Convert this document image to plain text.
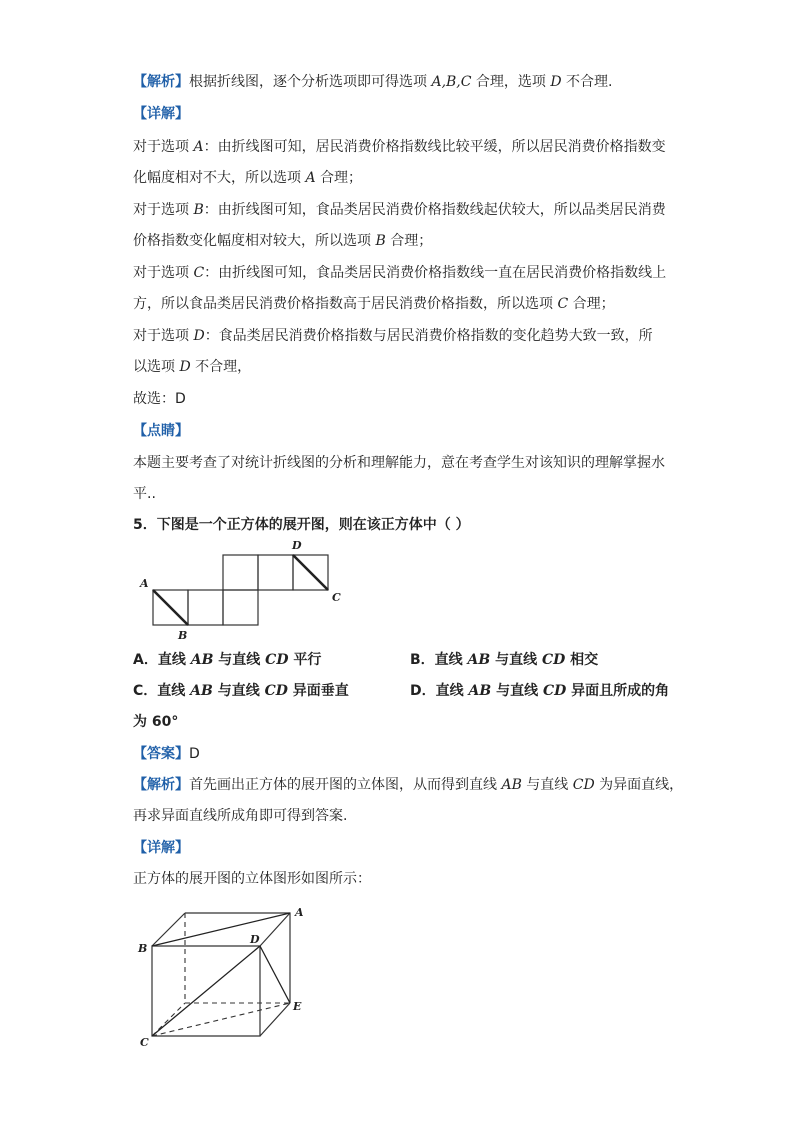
【解析】根据折线图，逐个分析选项即可得选项 A,B,C 合理，选项 D 不合理.
【详解】
对于选项 A：由折线图可知，居民消费价格指数线比较平缓，所以居民消费价格指数变
化幅度相对不大，所以选项 A 合理；
对于选项 B：由折线图可知，食品类居民消费价格指数线起伏较大，所以品类居民消费
价格指数变化幅度相对较大，所以选项 B 合理；
对于选项 C：由折线图可知，食品类居民消费价格指数线一直在居民消费价格指数线上
方，所以食品类居民消费价格指数高于居民消费价格指数，所以选项 C 合理；
对于选项 D：食品类居民消费价格指数与居民消费价格指数的变化趋势大致一致，所
以选项 D 不合理，
故选：D
【点睛】
本题主要考查了对统计折线图的分析和理解能力，意在考查学生对该知识的理解掌握水
平..
5．下图是一个正方体的展开图，则在该正方体中（ ）
A
B
C
D
A．直线 AB 与直线 CD 平行	B．直线 AB 与直线 CD 相交
C．直线 AB 与直线 CD 异面垂直	D．直线 AB 与直线 CD 异面且所成的角
为 60°
【答案】D
【解析】首先画出正方体的展开图的立体图，从而得到直线 AB 与直线 CD 为异面直线，
再求异面直线所成角即可得到答案.
【详解】
正方体的展开图的立体图形如图所示：
A
B
C
D
E
